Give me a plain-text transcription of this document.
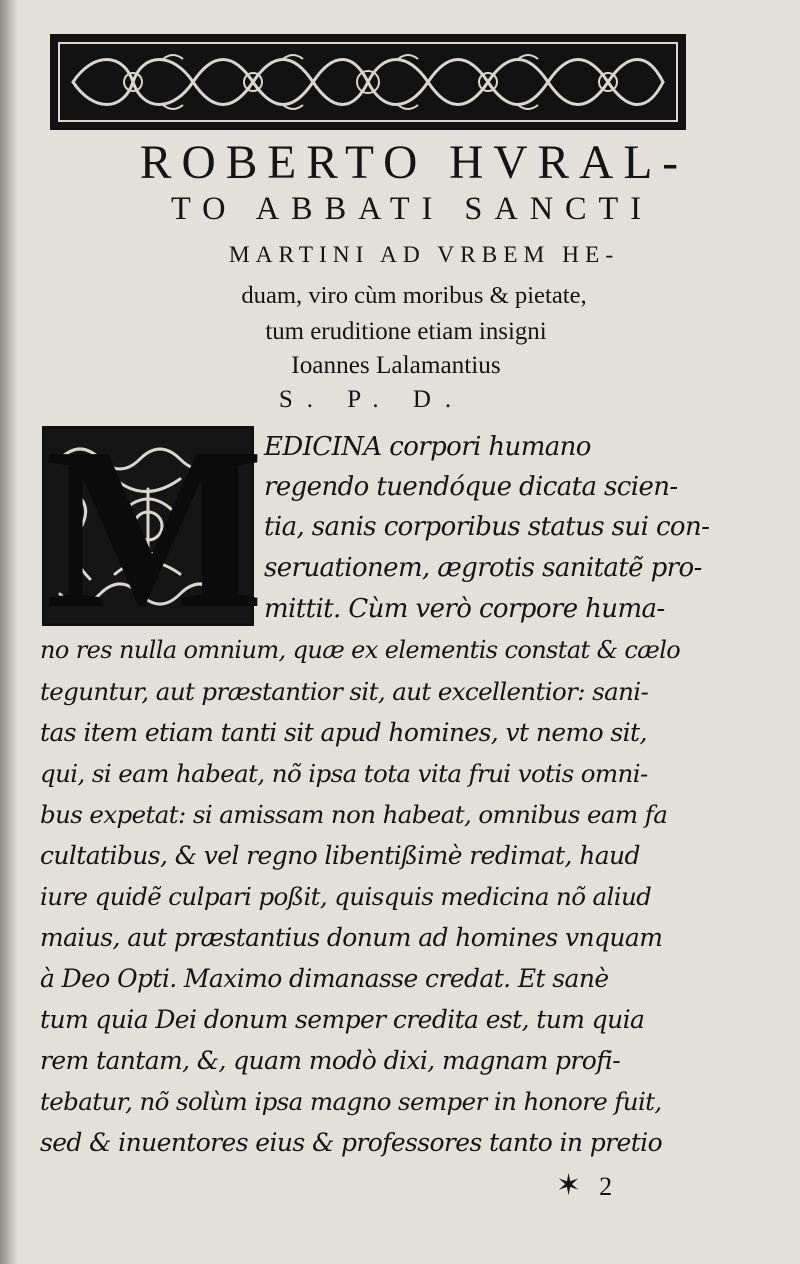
ROBERTO HVRAL-
TO ABBATI SANCTI
MARTINI AD VRBEM HE-
duam, viro cùm moribus & pietate,
tum eruditione etiam insigni
Ioannes Lalamantius
S. P. D.
M EDICINA corpori humano
regendo tuendóque dicata scien-
tia, sanis corporibus status sui con-
seruationem, ægrotis sanitatẽ pro-
mittit. Cùm verò corpore huma-
no res nulla omnium, quæ ex elementis constat & cælo
teguntur, aut præstantior sit, aut excellentior: sani-
tas item etiam tanti sit apud homines, vt nemo sit,
qui, si eam habeat, nõ ipsa tota vita frui votis omni-
bus expetat: si amissam non habeat, omnibus eam fa
cultatibus, & vel regno libentißimè redimat, haud
iure quidẽ culpari poßit, quisquis medicina nõ aliud
maius, aut præstantius donum ad homines vnquam
à Deo Opti. Maximo dimanasse credat. Et sanè
tum quia Dei donum semper credita est, tum quia
rem tantam, &, quam modò dixi, magnam profi-
tebatur, nõ solùm ipsa magno semper in honore fuit,
sed & inuentores eius & professores tanto in pretio
✶ 2
